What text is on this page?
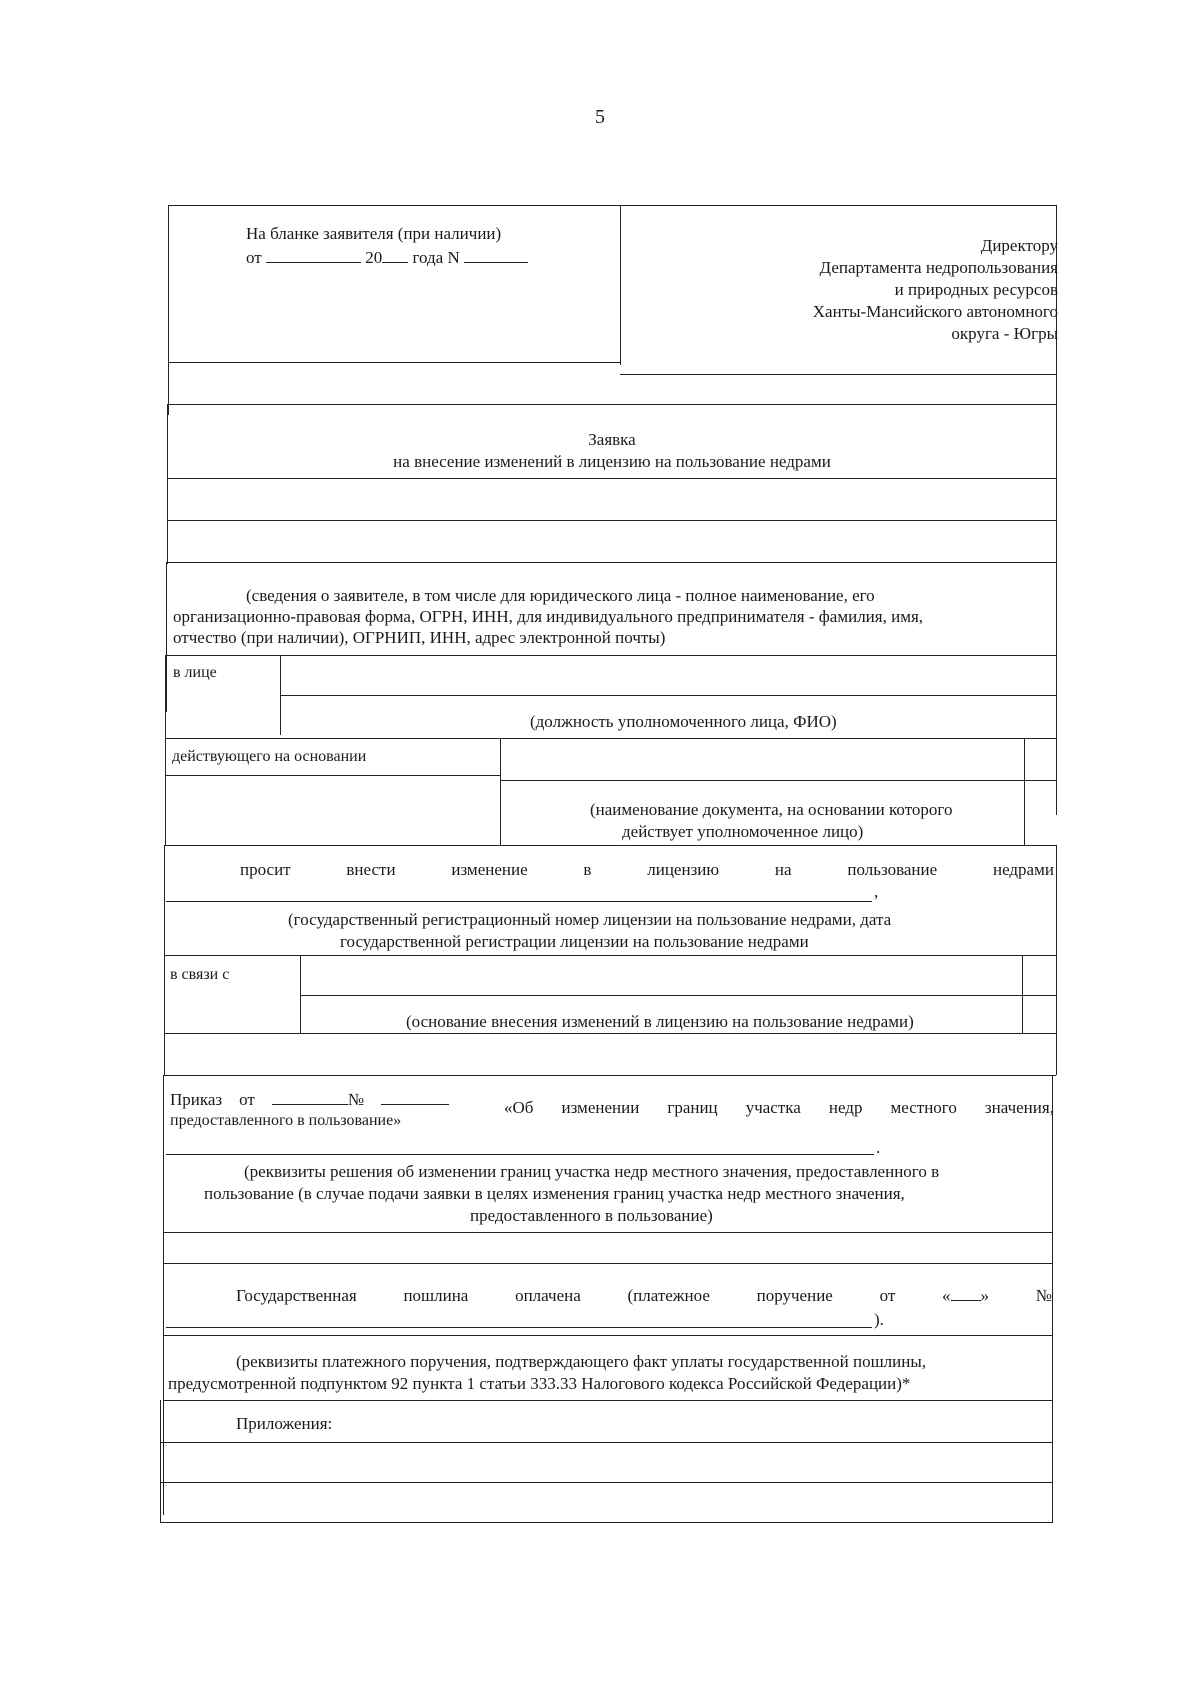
5
На бланке заявителя (при наличии)
от	20 года N
Директору
Департамента недропользования
и природных ресурсов
Ханты-Мансийского автономного
округа - Югры
Заявка
на внесение изменений в лицензию на пользование недрами
(сведения о заявителе, в том числе для юридического лица - полное наименование, его
организационно-правовая форма, ОГРН, ИНН, для индивидуального предпринимателя - фамилия, имя,
отчество (при наличии), ОГРНИП, ИНН, адрес электронной почты)
в лице
(должность уполномоченного лица, ФИО)
действующего на основании
(наименование документа, на основании которого
действует уполномоченное лицо)
просит	внести	изменение	в	лицензию	на	пользование	недрами
,
(государственный регистрационный номер лицензии на пользование недрами, дата
государственной регистрации лицензии на пользование недрами
в связи с
(основание внесения изменений в лицензию на пользование недрами)
Приказ от	№	«Об изменении границ участка недр местного значения,
предоставленного в пользование»
.
(реквизиты решения об изменении границ участка недр местного значения, предоставленного в
пользование (в случае подачи заявки в целях изменения границ участка недр местного значения,
предоставленного в пользование)
Государственная	пошлина	оплачена	(платежное	поручение	от	« »	№
).
(реквизиты платежного поручения, подтверждающего факт уплаты государственной пошлины,
предусмотренной подпунктом 92 пункта 1 статьи 333.33 Налогового кодекса Российской Федерации)*
Приложения:
